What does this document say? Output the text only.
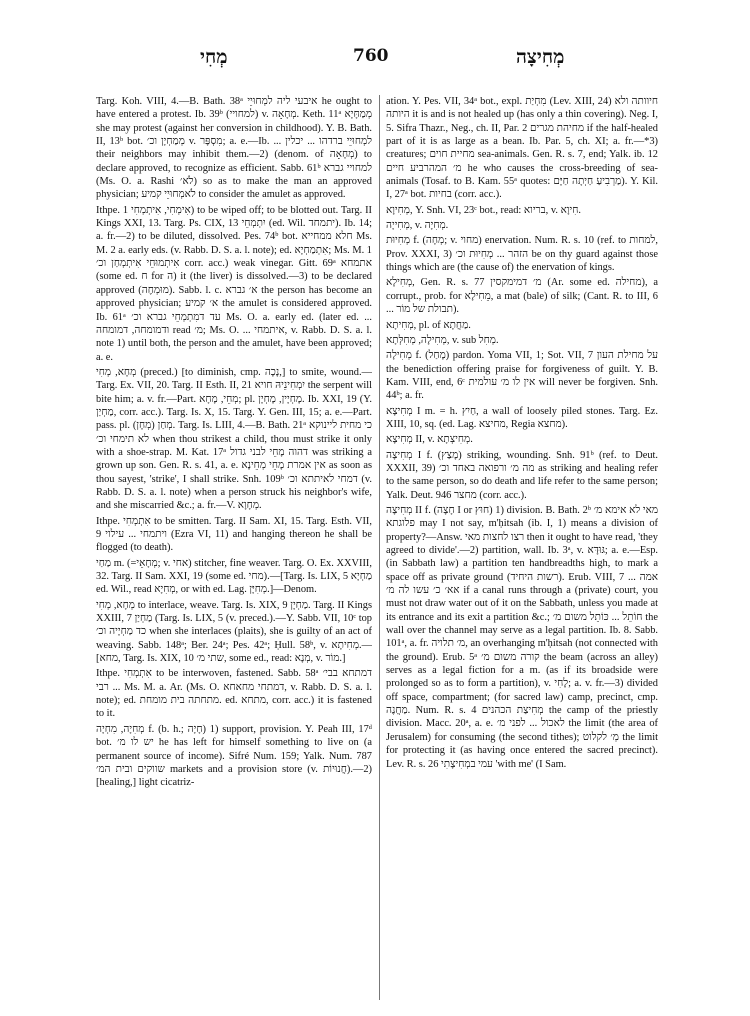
מְחִי	760	מְחִיצָה

Targ. Koh. VIII, 4.—B. Bath. 38ᵃ איבעי ליה למְחוּיֵי he ought to have entered a protest. Ib. 39ᵇ (למחויי) v. מְחָאָה. Keth. 11ᵃ מְמַחָּיָא she may protest (against her conversion in childhood). Y. B. Bath. II, 13ᵇ bot. מְמַחְיָן וכ׳ v. מִסְפָּר; a. e.—Ib. ... למְחוּיֵי ברדהו ... יכלין their neighbors may inhibit them.—2) (denom. of מְחָאָה) to declare approved, to recognize as efficient. Sabb. 61ᵇ למחויי גברא (Ms. O. a. Rashi לֹא׳) so as to make the man an approved physician; לֹאמְחוּיֵי קמיע to consider the amulet as approved.

Ithpe. אִימְחִי, אִיתְמְחִי 1) to be wiped off; to be blotted out. Targ. II Kings XXI, 13. Targ. Ps. CIX, 13 יִתְמְחֵי (ed. Wil. יתמחד). Ib. 14; a. fr.—2) to be diluted, dissolved. Pes. 74ᵇ bot. חלא ממחייא Ms. M. 2 a. early eds. (v. Rabb. D. S. a. l. note); ed. אִתְמַחְיָא; Ms. M. 1 אִיתְמוּחֵי אִיתְמְחַן וכ׳ corr. acc.) weak vinegar. Gitt. 69ᵃ אתמחא (some ed. ח for ה) it (the liver) is dissolved.—3) to be declared approved (מוּמְחֶה). Sabb. l. c. א׳ גברא the person has become an approved physician; א׳ קמיע the amulet is considered approved. Ib. 61ᵃ עד דמִתְמְחֵי גברא וכ׳ Ms. O. a. early ed. (later ed. ... ודמומחה, דמומחה read מ׳; Ms. O. ... איתמחי, v. Rabb. D. S. a. l. note 1) until both, the person and the amulet, have been approved; a. e.

מְחָא, מְחִי (preced.) [to diminish, cmp. נָכָה,] to smite, wound.—Targ. Ex. VII, 20. Targ. II Esth. II, 21 יִמְחִינֵיהּ חויא the serpent will bite him; a. v. fr.—Part. מְחֵי, מָחָא; pl. מָחְיָין, מָחְיָן. Ib. XXI, 19 (Y. מַחְיַן, corr. acc.). Targ. Is. X, 15. Targ. Y. Gen. III, 15; a. e.—Part. pass. pl. מְחַן (מְחָן). Targ. Is. LIII, 4.—B. Bath. 21ᵃ כי מחית ליינוקא לא תימחי וכ׳ when thou strikest a child, thou must strike it only with a shoe-strap. M. Kat. 17ᵃ דהוה מָחֵי לבני גדול was striking a grown up son. Gen. R. s. 41, a. e. אין אמרת מָחֵי מְחֵינָא as soon as thou sayest, 'strike', I shall strike. Snh. 109ᵇ דמחי לאיתתא וכ׳ (v. Rabb. D. S. a. l. note) when a person struck his neighbor's wife, and she miscarried &c.; a. fr.—V. מְחָוָא.

Ithpe. אִתְמְחִי to be smitten. Targ. II Sam. XI, 15. Targ. Esth. VII, 9 ויתמחי ... עילוי (Ezra VI, 11) and hanging thereon he shall be flogged (to death).

מַחַי m. (=מְחָאֵי; v. אחי) stitcher, fine weaver. Targ. O. Ex. XXVIII, 32. Targ. II Sam. XXI, 19 (some ed. מחי).—[Targ. Is. LIX, 5 מַחְיָא ed. Wil., read מְחִיָא, or with ed. Lag. מְחִיָּן.]—Denom.

מְחָא, מְחִי to interlace, weave. Targ. Is. XIX, 9 מַחְיָן. Targ. II Kings XXIII, 7 מַחְיַן (Targ. Is. LIX, 5 (v. preced.).—Y. Sabb. VII, 10ᶜ top כד מַחְיָיה וכ׳ when she interlaces (plaits), she is guilty of an act of weaving. Sabb. 148ᵃ; Ber. 24ᵃ; Pes. 42ᵃ; Ḥull. 58ᵇ, v. מְחִיתָא.—[מחא, Targ. Is. XIX, 10 שתי מ׳, some ed., read: מְנָא, v. מוֹר.]

Ithpe. אִתְמְחִי to be interwoven, fastened. Sabb. 58ᵃ דמתחא בבי׳ רבי ... Ms. M. a. Ar. (Ms. O. דמתחי מחאחא, v. Rabb. D. S. a. l. note); ed. מתחתה בית מומחת. ed. מתחא, corr. acc.) it is fastened to it.

מְחִיָה, מִחְיָה f. (b. h.; חָיָה) 1) support, provision. Y. Peah III, 17ᵈ bot. יש לו מ׳ he has left for himself something to live on (a permanent source of income). Sifré Num. 159; Yalk. Num. 787 שווקים ובית המ׳ markets and a provision store (v. חֲנוּיוֹת).—2) [healing,] light cicatriz-

ation. Y. Pes. VII, 34ᵃ bot., expl. מִחְיַת (Lev. XIII, 24) חיוותה ולא היותה it is and is not healed up (has only a thin covering). Neg. I, 5. Sifra Thazr., Neg., ch. II, Par. 2 מחיהת מגרים if the half-healed part of it is as large as a bean. Ib. Par. 5, ch. XI; a. fr.—*3) creatures; מחיית חוים sea-animals. Gen. R. s. 7, end; Yalk. ib. 12 מ׳ המהרביע חיים he who causes the cross-breeding of sea-animals (Tosaf. to B. Kam. 55ᵃ quotes: מַרְבִיעַ חַיְתָה חַיָּם). Y. Kil. I, 27ᵃ bot. בחיות (corr. acc.).

מְחִיוָא, Y. Snh. VI, 23ᶜ bot., read: בריוא, v. חִיוָא.

מְחִייָה, v. מְחִיָה.

מְחִיוּת f. (מְחָה; v. מחוי) enervation. Num. R. s. 10 (ref. to למחות, Prov. XXXI, 3) הזהר ... מְחִיוּת וכ׳ be on thy guard against those things which are (the cause of) the enervation of kings.

מְחִילָא, Gen. R. s. 77 מ׳ דמימקסין (Ar. some ed. מחילה), a corrupt., prob. for מֵחִילָא, a mat (bale) of silk; (Cant. R. to III, 6 ... תבולת של מוֹר).

מְחִיתָא, pl. of מַחֲתָא.

מְחִילָה, מְחִלְּתָא, v. sub מְחִל.

מְחִילָה f. (מָחַל) pardon. Yoma VII, 1; Sot. VII, 7 על מחילת העון the benediction offering praise for forgiveness of guilt. Y. B. Kam. VIII, end, 6ᶜ אין לו מ׳ עולמית will never be forgiven. Snh. 44ᵇ; a. fr.

מְחִיצָא I m. = h. חַיִץ, a wall of loosely piled stones. Targ. Ez. XIII, 10, sq. (ed. Lag. מחיצא, Regia מחצא).

מְחִיצָא II, v. מְחִיצְתָא.

מְחִיצָה I f. (מָצַץ) striking, wounding. Snh. 91ᵇ (ref. to Deut. XXXII, 39) מה מ׳ ורפואה באחד וכ׳ as striking and healing refer to the same person, so do death and life refer to the same person; Yalk. Deut. 946 מחצר (corr. acc.).

מְחִיצָה II f. (חָצָה I or חוּץ) 1) division. B. Bath. 2ᵇ מאי לא אימא מ׳ פלוגתא may I not say, m'ḥitsah (ib. I, 1) means a division of property?—Answ. רצו לחצות מאי then it ought to have read, 'they agreed to divide'.—2) partition, wall. Ib. 3ᵃ, v. גּוּדָּא; a. e.—Esp. (in Sabbath law) a partition ten handbreadths high, to mark a space off as private ground (רשות היחיד). Erub. VIII, 7 אמה ... אא׳ כ׳ עשו לה מ׳ if a canal runs through a (private) court, you must not draw water out of it on the Sabbath, unless you made at its entrance and its exit a partition &c.; חוֹתֵל ... כּוֹתֵל משום מ׳ the wall over the channel may serve as a legal partition. Ib. 8. Sabb. 101ᵃ, a. fr. מ׳ תלויה, an overhanging m'ḥitsah (not connected with the ground). Erub. 5ᵃ קורה משום מ׳ the beam (across an alley) serves as a legal fiction for a m. (as if its broadside were prolonged so as to form a partition), v. לֶחִי; a. v. fr.—3) divided off space, compartment; (for sacred law) camp, precinct, cmp. מַחֲנֶה. Num. R. s. 4 מְחִיצַת הכהנים the camp of the priestly division. Macc. 20ᵃ, a. e. לאכול ... לפני מ׳ the limit (the area of Jerusalem) for consuming (the second tithes); מְ׳ לקלוט the limit for protecting it (as having once entered the sacred precinct). Lev. R. s. 26 עמי במְחִיצָתִי 'with me' (I Sam.
